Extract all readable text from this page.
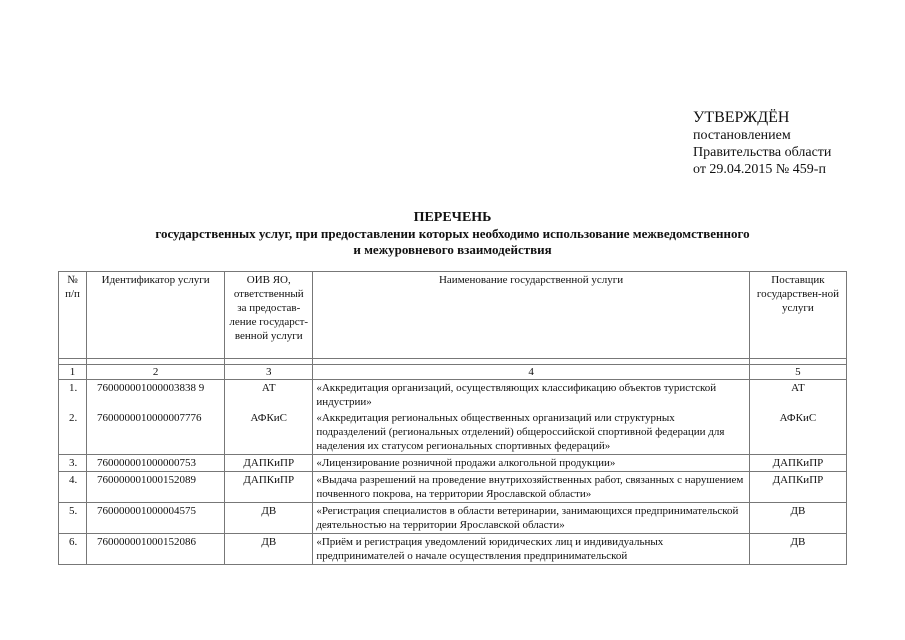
УТВЕРЖДЁН
постановлением
Правительства области
от 29.04.2015 № 459-п
ПЕРЕЧЕНЬ
государственных услуг, при предоставлении которых необходимо использование межведомственного
и межуровневого взаимодействия
№ п/п	Идентификатор услуги	ОИВ ЯО, ответственный за предостав-ление государст-венной услуги	Наименование государственной услуги	Поставщик государствен-ной услуги

1	2	3	4	5
1.	760000001000003838 9	АТ	«Аккредитация организаций, осуществляющих классификацию объектов туристской индустрии»	АТ
2.	7600000010000007776	АФКиС	«Аккредитация региональных общественных организаций или структурных подразделений (региональных отделений) общероссийской спортивной федерации для наделения их статусом региональных спортивных федераций»	АФКиС
3.	760000001000000753	ДАПКиПР	«Лицензирование розничной продажи алкогольной продукции»	ДАПКиПР
4.	760000001000152089	ДАПКиПР	«Выдача разрешений на проведение внутрихозяйственных работ, связанных с нарушением почвенного покрова, на территории Ярославской области»	ДАПКиПР
5.	760000001000004575	ДВ	«Регистрация специалистов в области ветеринарии, занимающихся предпринимательской деятельностью на территории Ярославской области»	ДВ
6.	760000001000152086	ДВ	«Приём и регистрация уведомлений юридических лиц и индивидуальных предпринимателей о начале осуществления предпринимательской	ДВ
